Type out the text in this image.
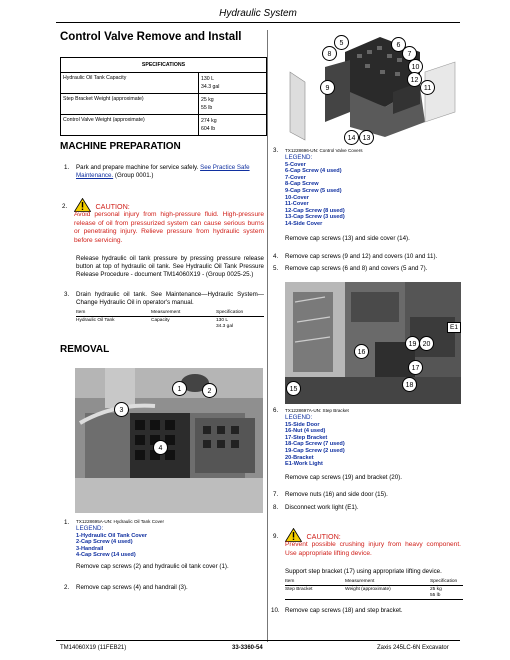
Hydraulic System
Control Valve Remove and Install
SPECIFICATIONS
Hydraulic Oil Tank Capacity	130 L
34.3 gal
Step Bracket Weight (approximate)	25 kg
55 lb
Control Valve Weight (approximate)	274 kg
604 lb
MACHINE PREPARATION
1. Park and prepare machine for service safely. See Practice Safe Maintenance. (Group 0001.)
2.	CAUTION:
Avoid personal injury from high-pressure fluid. High-pressure release of oil from pressurized system can cause serious burns or penetrating injury. Relieve pressure from hydraulic system before servicing.
Release hydraulic oil tank pressure by pressing pressure release button at top of hydraulic oil tank. See Hydraulic Oil Tank Pressure Release Procedure - document TM14060X19 - (Group 0025-25.)
3. Drain hydraulic oil tank. See Maintenance—Hydraulic System—Change Hydraulic Oil in operator's manual.
Item	Measurement	Specification
Hydraulic Oil Tank	Capacity	130 L
34.3 gal
REMOVAL
1	2
3
4
1. TX1228695A-UN: Hydraulic Oil Tank Cover
LEGEND:
1-Hydraulic Oil Tank Cover
2-Cap Screw (4 used)
3-Handrail
4-Cap Screw (14 used)
Remove cap screws (2) and hydraulic oil tank cover (1).
2. Remove cap screws (4) and handrail (3).
5	6
7
8
9
10
11
12
13
14
3. TX1228696-UN: Control Valve Covers
LEGEND:
5-Cover
6-Cap Screw (4 used)
7-Cover
8-Cap Screw
9-Cap Screw (5 used)
10-Cover
11-Cover
12-Cap Screw (8 used)
13-Cap Screw (3 used)
14-Side Cover
Remove cap screws (13) and side cover (14).
4. Remove cap screws (9 and 12) and covers (10 and 11).
5. Remove cap screws (6 and 8) and covers (5 and 7).
E1
16
17
18
19 20
15
6. TX1228697A-UN: Step Bracket
LEGEND:
15-Side Door
16-Nut (4 used)
17-Step Bracket
18-Cap Screw (7 used)
19-Cap Screw (2 used)
20-Bracket
E1-Work Light
Remove cap screws (19) and bracket (20).
7. Remove nuts (16) and side door (15).
8. Disconnect work light (E1).
9.	CAUTION:
Prevent possible crushing injury from heavy component. Use appropriate lifting device.
Support step bracket (17) using appropriate lifting device.
Item	Measurement	Specification
Step Bracket	Weight (approximate)	25 kg
55 lb
10. Remove cap screws (18) and step bracket.
TM14060X19 (11FEB21)	33-3360-54	Zaxis 245LC-6N Excavator
